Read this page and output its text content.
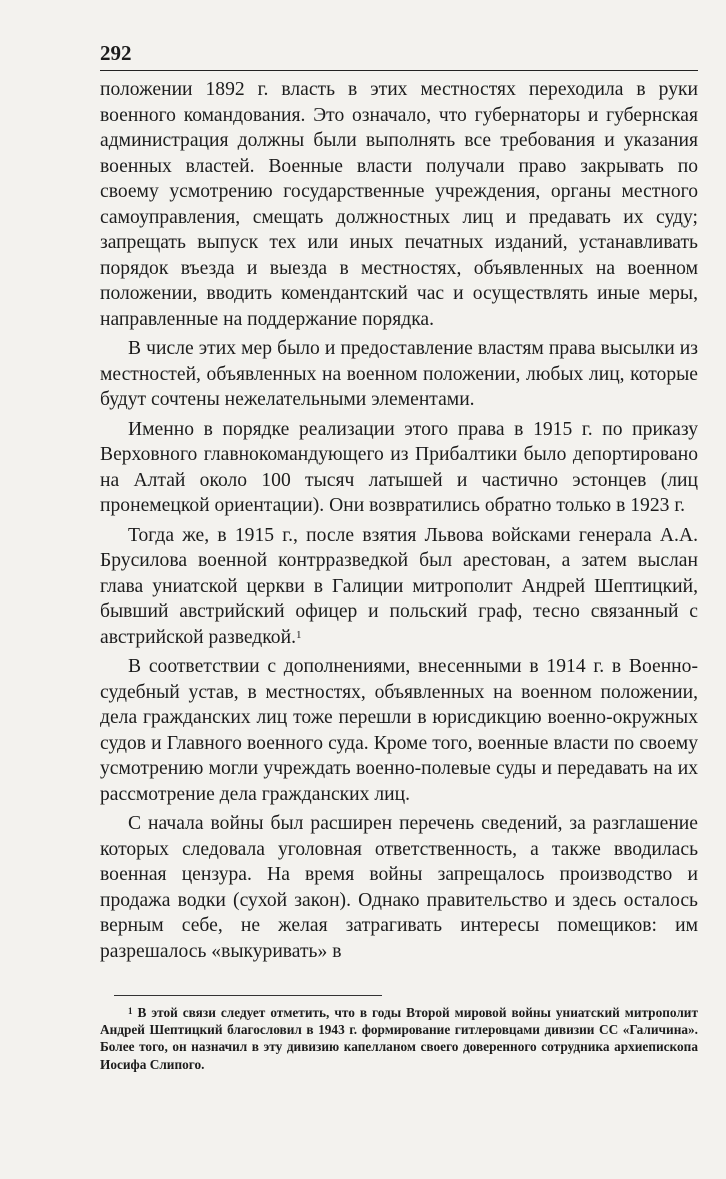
292

положении 1892 г. власть в этих местностях переходила в руки военного командования. Это означало, что губернаторы и губернская администрация должны были выполнять все требования и указания военных властей. Военные власти получали право закрывать по своему усмотрению государственные учреждения, органы местного самоуправления, смещать должностных лиц и предавать их суду; запрещать выпуск тех или иных печатных изданий, устанавливать порядок въезда и выезда в местностях, объявленных на военном положении, вводить комендантский час и осуществлять иные меры, направленные на поддержание порядка.

В числе этих мер было и предоставление властям права высылки из местностей, объявленных на военном положении, любых лиц, которые будут сочтены нежелательными элементами.

Именно в порядке реализации этого права в 1915 г. по приказу Верховного главнокомандующего из Прибалтики было депортировано на Алтай около 100 тысяч латышей и частично эстонцев (лиц пронемецкой ориентации). Они возвратились обратно только в 1923 г.

Тогда же, в 1915 г., после взятия Львова войсками генерала А.А. Брусилова военной контрразведкой был арестован, а затем выслан глава униатской церкви в Галиции митрополит Андрей Шептицкий, бывший австрийский офицер и польский граф, тесно связанный с австрийской разведкой.$^1$

В соответствии с дополнениями, внесенными в 1914 г. в Военно-судебный устав, в местностях, объявленных на военном положении, дела гражданских лиц тоже перешли в юрисдикцию военно-окружных судов и Главного военного суда. Кроме того, военные власти по своему усмотрению могли учреждать военно-полевые суды и передавать на их рассмотрение дела гражданских лиц.

С начала войны был расширен перечень сведений, за разглашение которых следовала уголовная ответственность, а также вводилась военная цензура. На время войны запрещалось производство и продажа водки (сухой закон). Однако правительство и здесь осталось верным себе, не желая затрагивать интересы помещиков: им разрешалось «выкуривать» в

$^1$ В этой связи следует отметить, что в годы Второй мировой войны униатский митрополит Андрей Шептицкий благословил в 1943 г. формирование гитлеровцами дивизии СС «Галичина». Более того, он назначил в эту дивизию капелланом своего доверенного сотрудника архиепископа Иосифа Слипого.
